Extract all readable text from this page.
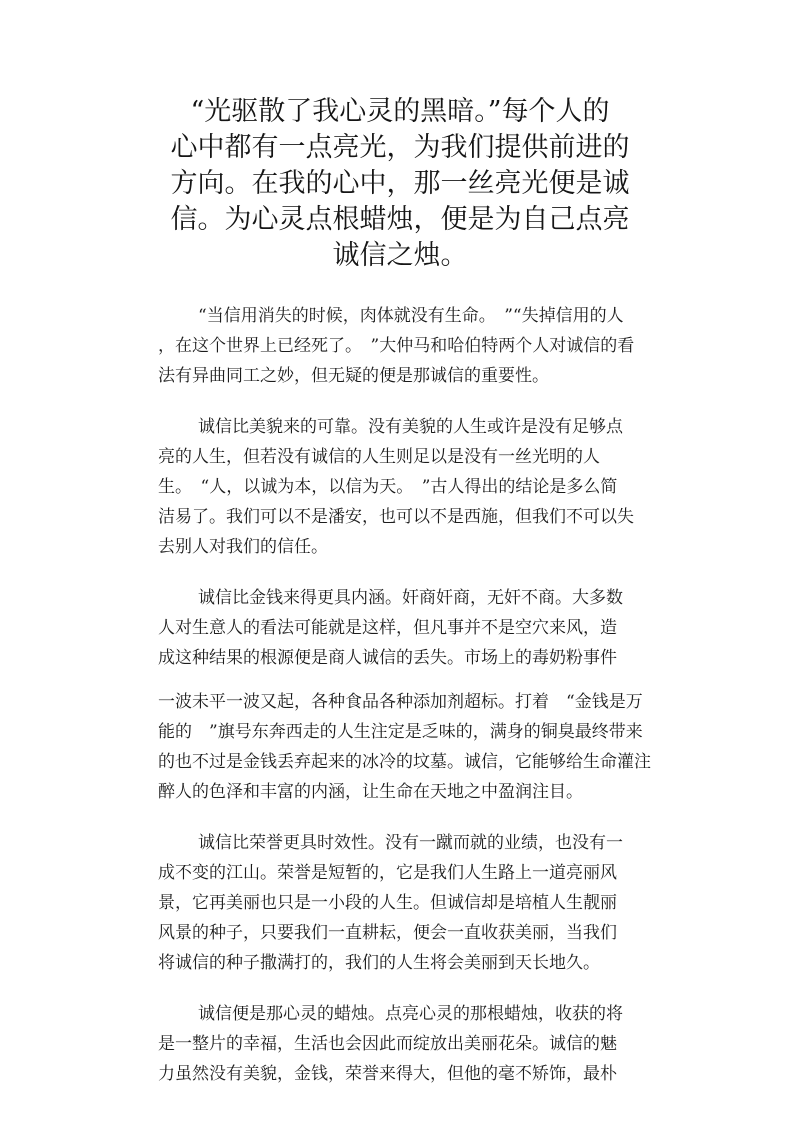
“光驱散了我心灵的黑暗。”每个人的
心中都有一点亮光，为我们提供前进的
方向。在我的心中，那一丝亮光便是诚
信。为心灵点根蜡烛，便是为自己点亮
诚信之烛。
“当信用消失的时候，肉体就没有生命。　”“失掉信用的人
，在这个世界上已经死了。　”大仲马和哈伯特两个人对诚信的看
法有异曲同工之妙，但无疑的便是那诚信的重要性。
诚信比美貌来的可靠。没有美貌的人生或许是没有足够点
亮的人生，但若没有诚信的人生则足以是没有一丝光明的人
生。　“人，以诚为本，以信为天。　”古人得出的结论是多么简
洁易了。我们可以不是潘安，也可以不是西施，但我们不可以失
去别人对我们的信任。
诚信比金钱来得更具内涵。奸商奸商，无奸不商。大多数
人对生意人的看法可能就是这样，但凡事并不是空穴来风，造
成这种结果的根源便是商人诚信的丢失。市场上的毒奶粉事件
一波未平一波又起，各种食品各种添加剂超标。打着　“金钱是万
能的　”旗号东奔西走的人生注定是乏味的，满身的铜臭最终带来
的也不过是金钱丢弃起来的冰冷的坟墓。诚信，它能够给生命灌注
醉人的色泽和丰富的内涵，让生命在天地之中盈润注目。
诚信比荣誉更具时效性。没有一蹴而就的业绩，也没有一
成不变的江山。荣誉是短暂的，它是我们人生路上一道亮丽风
景，它再美丽也只是一小段的人生。但诚信却是培植人生靓丽
风景的种子，只要我们一直耕耘，便会一直收获美丽，当我们
将诚信的种子撒满打的，我们的人生将会美丽到天长地久。
诚信便是那心灵的蜡烛。点亮心灵的那根蜡烛，收获的将
是一整片的幸福，生活也会因此而绽放出美丽花朵。诚信的魅
力虽然没有美貌，金钱，荣誉来得大，但他的毫不矫饰，最朴
